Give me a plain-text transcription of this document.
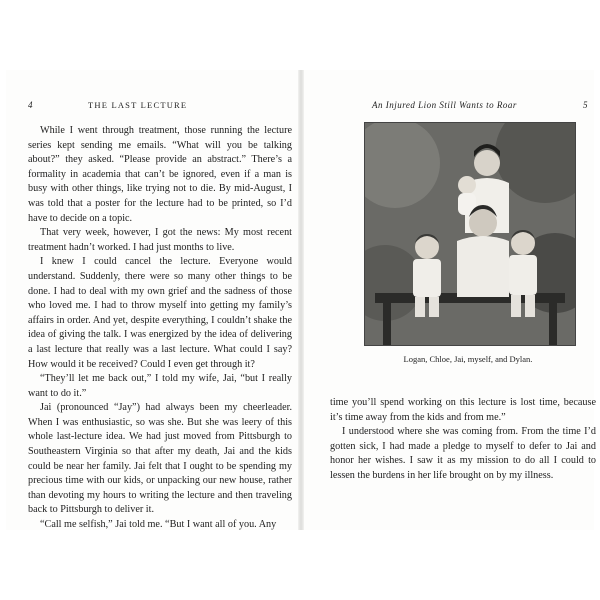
4	THE LAST LECTURE

While I went through treatment, those running the lecture series kept sending me emails. “What will you be talking about?” they asked. “Please provide an abstract.” There’s a formality in academia that can’t be ignored, even if a man is busy with other things, like trying not to die. By mid-August, I was told that a poster for the lecture had to be printed, so I’d have to decide on a topic.

That very week, however, I got the news: My most recent treatment hadn’t worked. I had just months to live.

I knew I could cancel the lecture. Everyone would understand. Suddenly, there were so many other things to be done. I had to deal with my own grief and the sadness of those who loved me. I had to throw myself into getting my family’s affairs in order. And yet, despite everything, I couldn’t shake the idea of giving the talk. I was energized by the idea of delivering a last lecture that really was a last lecture. What could I say? How would it be received? Could I even get through it?

“They’ll let me back out,” I told my wife, Jai, “but I really want to do it.”

Jai (pronounced “Jay”) had always been my cheerleader. When I was enthusiastic, so was she. But she was leery of this whole last-lecture idea. We had just moved from Pittsburgh to Southeastern Virginia so that after my death, Jai and the kids could be near her family. Jai felt that I ought to be spending my precious time with our kids, or unpacking our new house, rather than devoting my hours to writing the lecture and then traveling back to Pittsburgh to deliver it.

“Call me selfish,” Jai told me. “But I want all of you. Any

An Injured Lion Still Wants to Roar	5
Logan, Chloe, Jai, myself, and Dylan.

time you’ll spend working on this lecture is lost time, because it’s time away from the kids and from me.”

I understood where she was coming from. From the time I’d gotten sick, I had made a pledge to myself to defer to Jai and honor her wishes. I saw it as my mission to do all I could to lessen the burdens in her life brought on by my illness.
